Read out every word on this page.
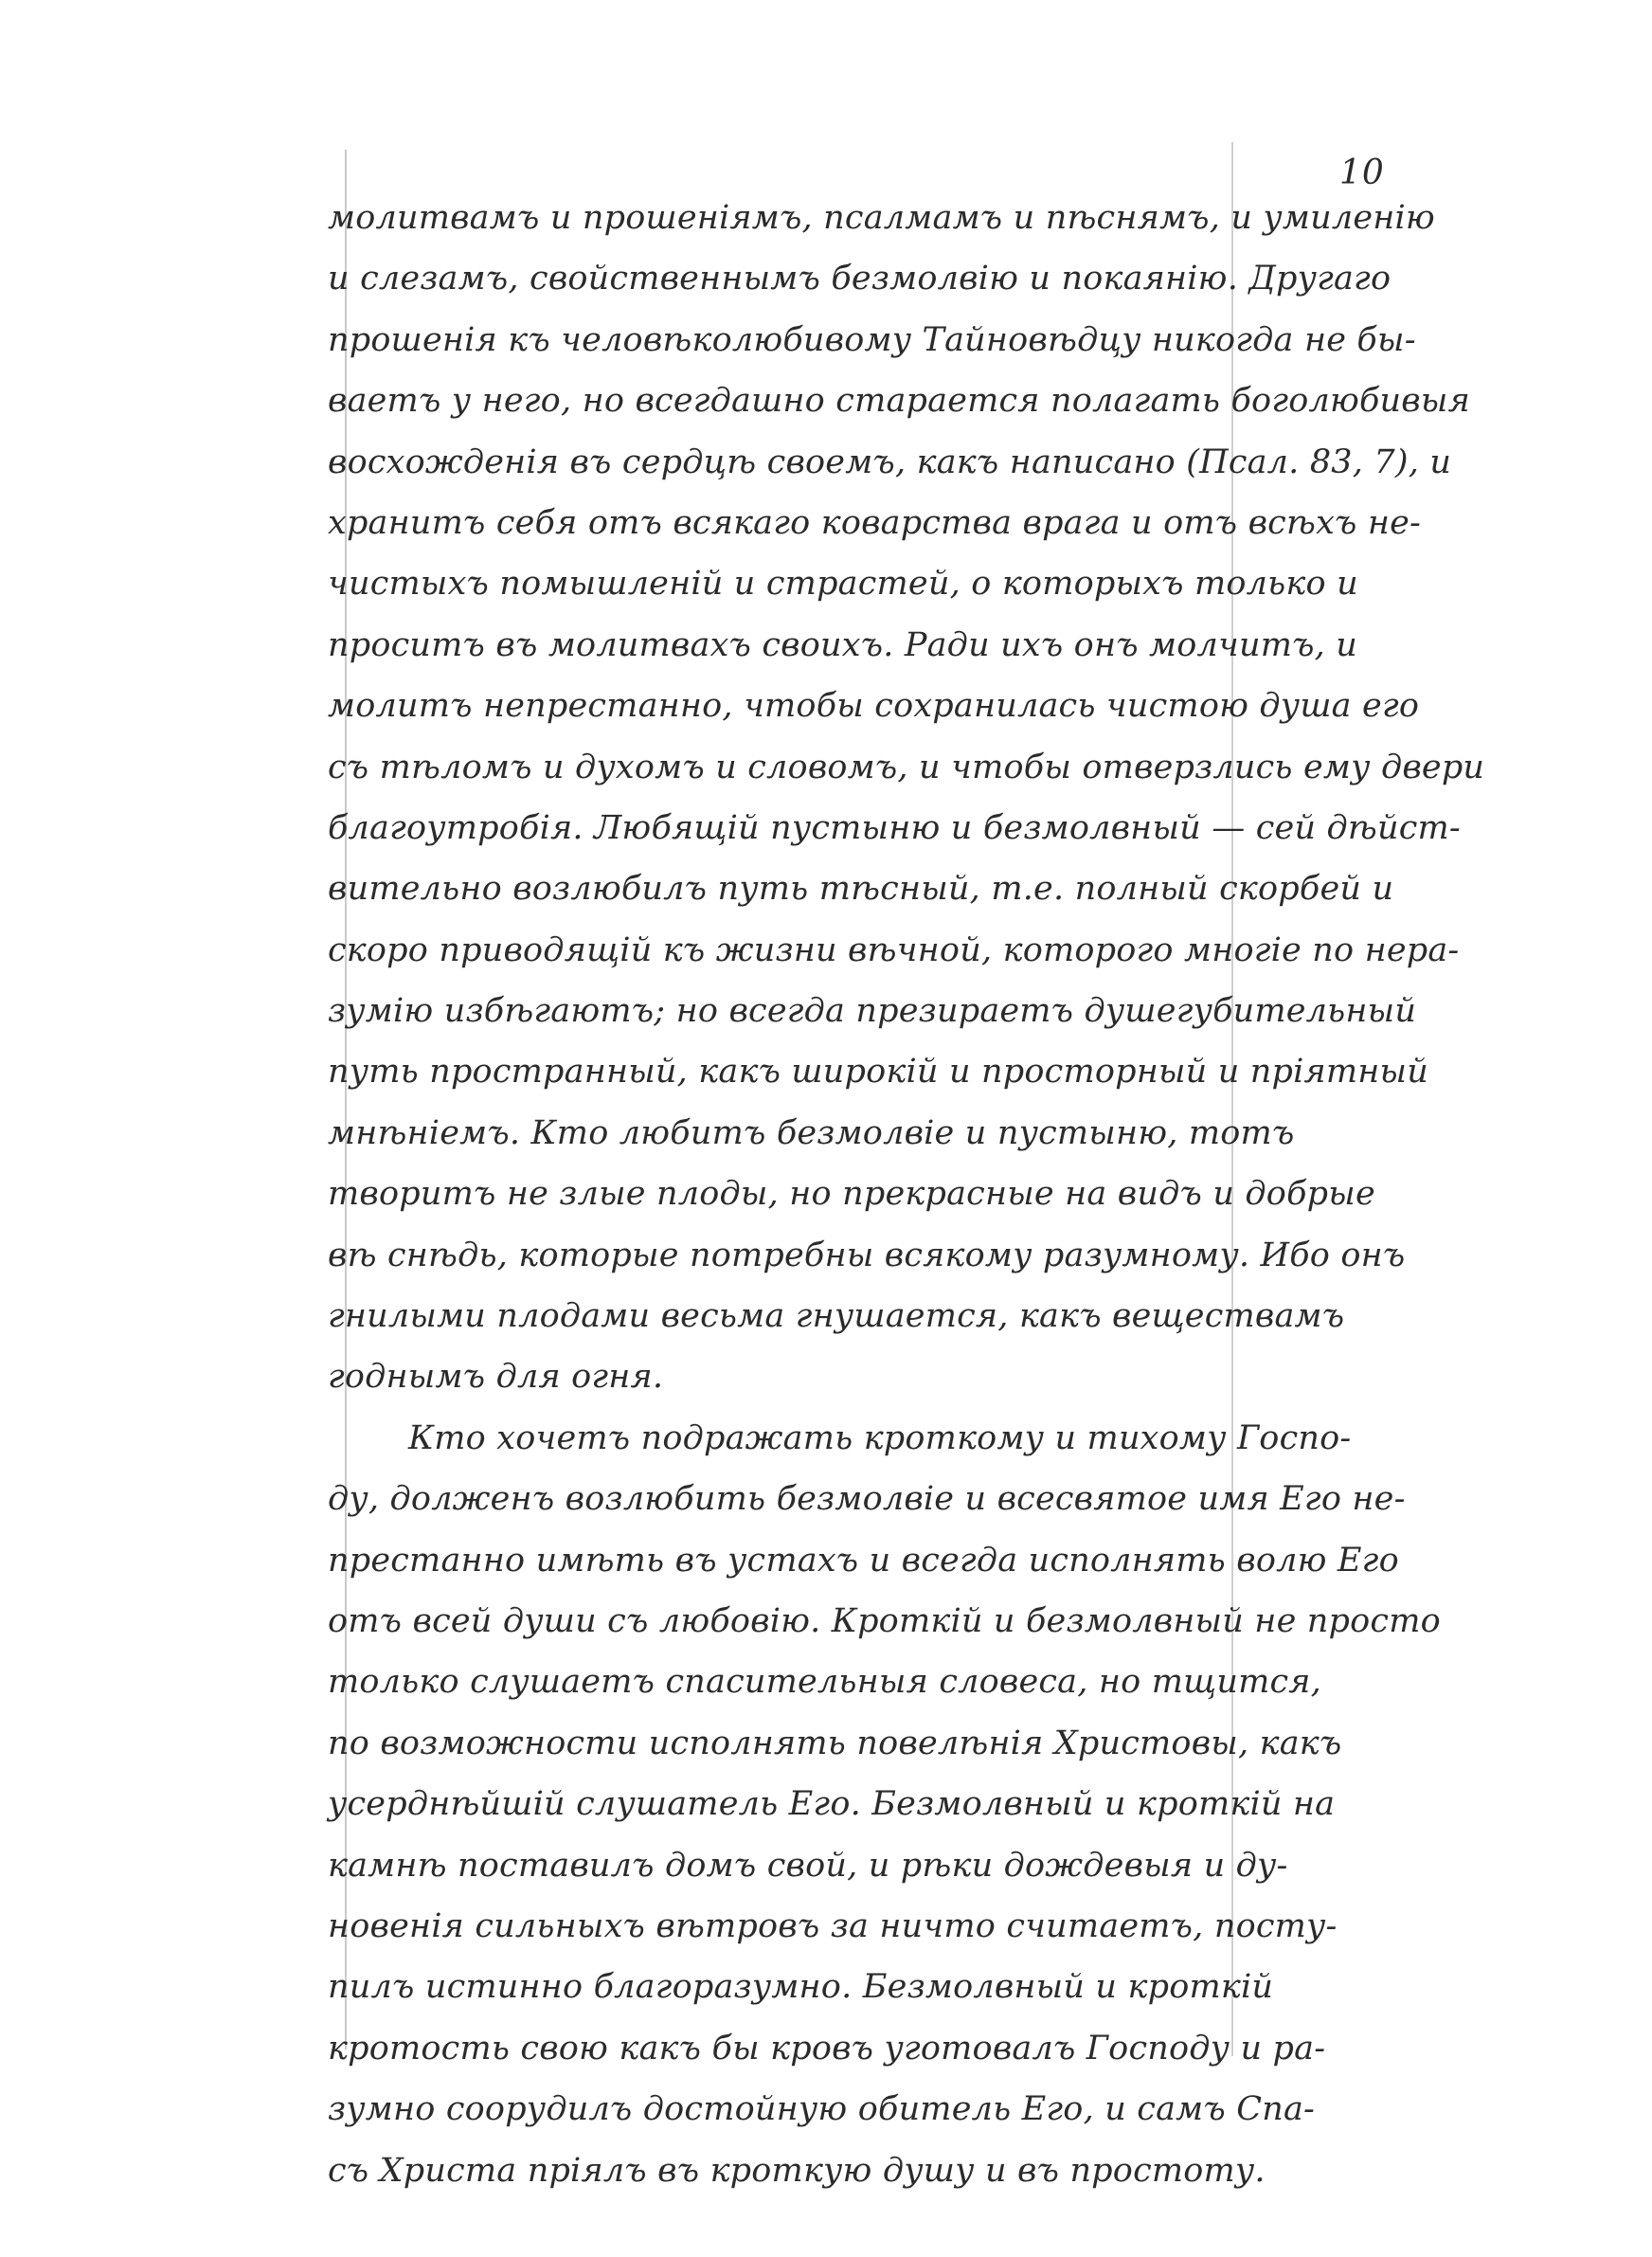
10
молитвамъ и прошеніямъ, псалмамъ и пѣснямъ, и умиленію
и слезамъ, свойственнымъ безмолвію и покаянію. Другаго
прошенія къ человѣколюбивому Тайновѣдцу никогда не бы-
ваетъ у него, но всегдашно старается полагать боголюбивыя
восхожденія въ сердцѣ своемъ, какъ написано (Псал. 83, 7), и
хранитъ себя отъ всякаго коварства врага и отъ всѣхъ не-
чистыхъ помышленій и страстей, о которыхъ только и
проситъ въ молитвахъ своихъ. Ради ихъ онъ молчитъ, и
молитъ непрестанно, чтобы сохранилась чистою душа его
съ тѣломъ и духомъ и словомъ, и чтобы отверзлись ему двери
благоутробія. Любящій пустыню и безмолвный — сей дѣйст-
вительно возлюбилъ путь тѣсный, т.е. полный скорбей и
скоро приводящій къ жизни вѣчной, которого многіе по нера-
зумію избѣгаютъ; но всегда презираетъ душегубительный
путь пространный, какъ широкій и просторный и пріятный
мнѣнiемъ. Кто любитъ безмолвіе и пустыню, тотъ
творитъ не злые плоды, но прекрасные на видъ и добрые
вѣ снѣдь, которые потребны всякому разумному. Ибо онъ
гнилыми плодами весьма гнушается, какъ веществамъ
годнымъ для огня.
Кто хочетъ подражать кроткому и тихому Госпо-
ду, долженъ возлюбить безмолвіе и всесвятое имя Его не-
престанно имѣть въ устахъ и всегда исполнять волю Его
отъ всей души съ любовію. Кроткій и безмолвный не просто
только слушаетъ спасительныя словеса, но тщится,
по возможности исполнять повелѣнія Христовы, какъ
усерднѣйшій слушатель Его. Безмолвный и кроткій на
камнѣ поставилъ домъ свой, и рѣки дождевыя и ду-
новенія сильныхъ вѣтровъ за ничто считаетъ, посту-
пилъ истинно благоразумно. Безмолвный и кроткій
кротость свою какъ бы кровъ уготовалъ Господу и ра-
зумно соорудилъ достойную обитель Его, и самъ Спа-
съ Христа пріялъ въ кроткую душу и въ простоту.
